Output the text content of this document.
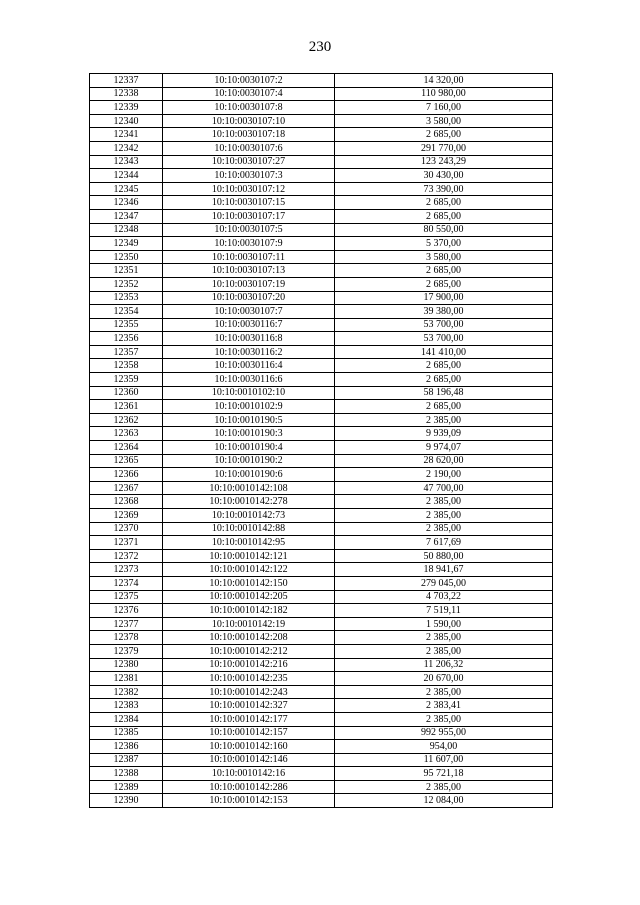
230
12337	10:10:0030107:2	14 320,00
12338	10:10:0030107:4	110 980,00
12339	10:10:0030107:8	7 160,00
12340	10:10:0030107:10	3 580,00
12341	10:10:0030107:18	2 685,00
12342	10:10:0030107:6	291 770,00
12343	10:10:0030107:27	123 243,29
12344	10:10:0030107:3	30 430,00
12345	10:10:0030107:12	73 390,00
12346	10:10:0030107:15	2 685,00
12347	10:10:0030107:17	2 685,00
12348	10:10:0030107:5	80 550,00
12349	10:10:0030107:9	5 370,00
12350	10:10:0030107:11	3 580,00
12351	10:10:0030107:13	2 685,00
12352	10:10:0030107:19	2 685,00
12353	10:10:0030107:20	17 900,00
12354	10:10:0030107:7	39 380,00
12355	10:10:0030116:7	53 700,00
12356	10:10:0030116:8	53 700,00
12357	10:10:0030116:2	141 410,00
12358	10:10:0030116:4	2 685,00
12359	10:10:0030116:6	2 685,00
12360	10:10:0010102:10	58 196,48
12361	10:10:0010102:9	2 685,00
12362	10:10:0010190:5	2 385,00
12363	10:10:0010190:3	9 939,09
12364	10:10:0010190:4	9 974,07
12365	10:10:0010190:2	28 620,00
12366	10:10:0010190:6	2 190,00
12367	10:10:0010142:108	47 700,00
12368	10:10:0010142:278	2 385,00
12369	10:10:0010142:73	2 385,00
12370	10:10:0010142:88	2 385,00
12371	10:10:0010142:95	7 617,69
12372	10:10:0010142:121	50 880,00
12373	10:10:0010142:122	18 941,67
12374	10:10:0010142:150	279 045,00
12375	10:10:0010142:205	4 703,22
12376	10:10:0010142:182	7 519,11
12377	10:10:0010142:19	1 590,00
12378	10:10:0010142:208	2 385,00
12379	10:10:0010142:212	2 385,00
12380	10:10:0010142:216	11 206,32
12381	10:10:0010142:235	20 670,00
12382	10:10:0010142:243	2 385,00
12383	10:10:0010142:327	2 383,41
12384	10:10:0010142:177	2 385,00
12385	10:10:0010142:157	992 955,00
12386	10:10:0010142:160	954,00
12387	10:10:0010142:146	11 607,00
12388	10:10:0010142:16	95 721,18
12389	10:10:0010142:286	2 385,00
12390	10:10:0010142:153	12 084,00
